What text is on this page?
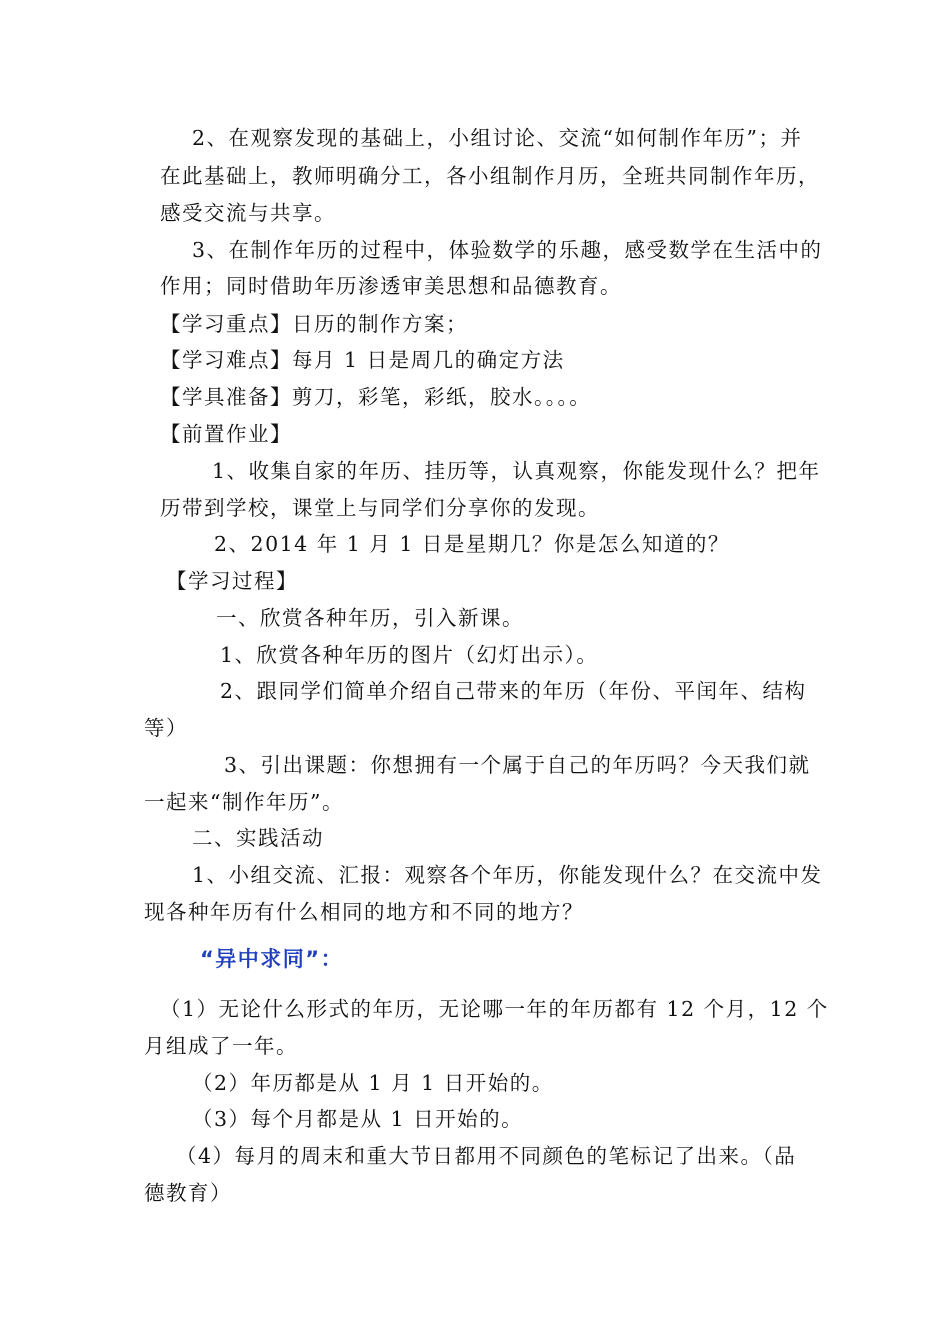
2、在观察发现的基础上，小组讨论、交流“如何制作年历”；并
在此基础上，教师明确分工，各小组制作月历，全班共同制作年历，
感受交流与共享。
3、在制作年历的过程中，体验数学的乐趣，感受数学在生活中的
作用；同时借助年历渗透审美思想和品德教育。
【学习重点】日历的制作方案；
【学习难点】每月 1 日是周几的确定方法
【学具准备】剪刀，彩笔，彩纸，胶水。。。。
【前置作业】
1、收集自家的年历、挂历等，认真观察，你能发现什么？把年
历带到学校，课堂上与同学们分享你的发现。
2、2014 年 1 月 1 日是星期几？你是怎么知道的？
【学习过程】
一、欣赏各种年历，引入新课。
1、欣赏各种年历的图片（幻灯出示）。
2、跟同学们简单介绍自己带来的年历（年份、平闰年、结构
等）
3、引出课题：你想拥有一个属于自己的年历吗？今天我们就
一起来“制作年历”。
二、实践活动
1、小组交流、汇报：观察各个年历，你能发现什么？在交流中发
现各种年历有什么相同的地方和不同的地方？
“异中求同”：
（1）无论什么形式的年历，无论哪一年的年历都有 12 个月，12 个
月组成了一年。
（2）年历都是从 1 月 1 日开始的。
（3）每个月都是从 1 日开始的。
（4）每月的周末和重大节日都用不同颜色的笔标记了出来。（品
德教育）
